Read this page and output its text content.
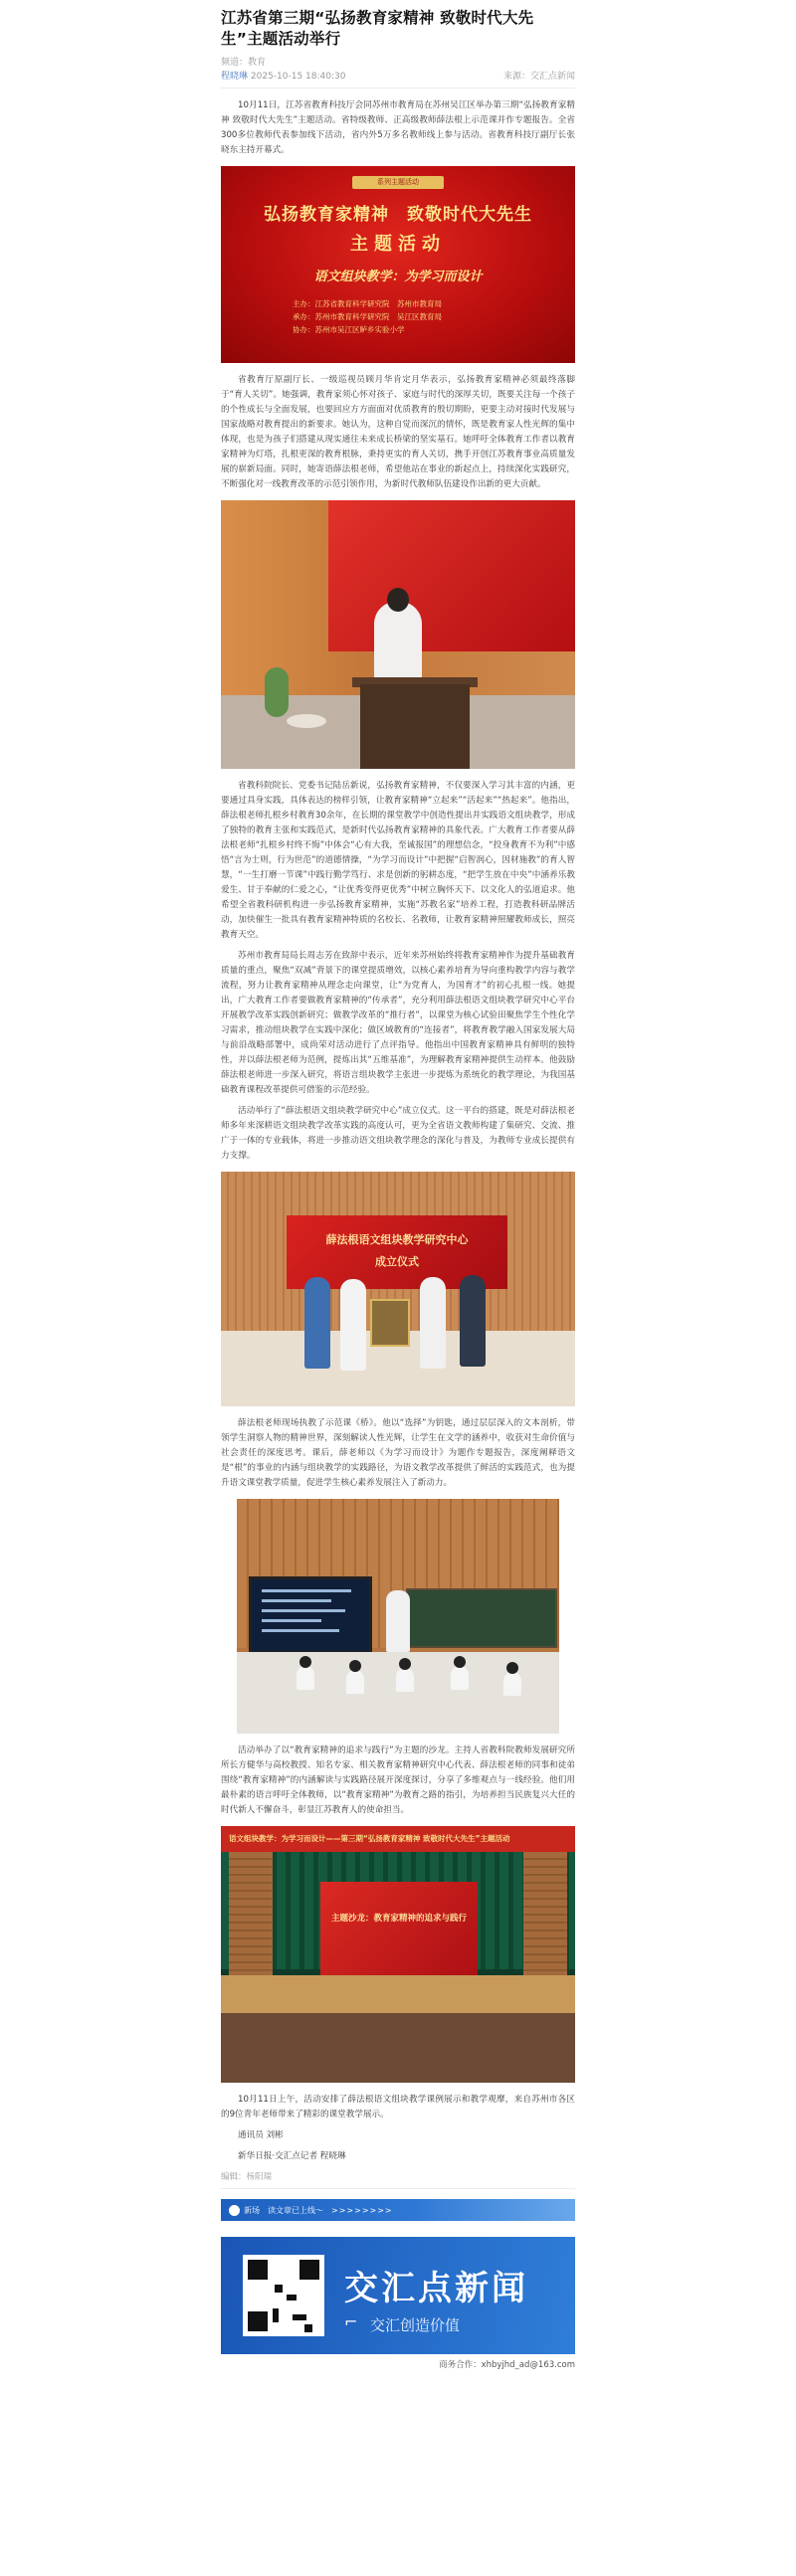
江苏省第三期“弘扬教育家精神 致敬时代大先生”主题活动举行
频道：教育
程晓琳 2025-10-15 18:40:30	来源：交汇点新闻

10月11日，江苏省教育科技厅会同苏州市教育局在苏州吴江区举办第三期“弘扬教育家精神 致敬时代大先生”主题活动。省特级教师、正高级教师薛法根上示范课并作专题报告。全省300多位教师代表参加线下活动，省内外5万多名教师线上参与活动。省教育科技厅副厅长张晓东主持开幕式。

系列主题活动
弘扬教育家精神　致敬时代大先生
主题活动
语文组块教学：为学习而设计
主办：江苏省教育科学研究院　苏州市教育局
承办：苏州市教育科学研究院　吴江区教育局
协办：苏州市吴江区鲈乡实验小学

省教育厅原副厅长、一级巡视员顾月华肯定月华表示，弘扬教育家精神必须最终落脚于“育人关切”。她强调，教育家须心怀对孩子、家庭与时代的深厚关切，既要关注每一个孩子的个性成长与全面发展，也要回应方方面面对优质教育的殷切期盼，更要主动对接时代发展与国家战略对教育提出的新要求。她认为，这种自觉而深沉的情怀，既是教育家人性光辉的集中体现，也是为孩子们搭建从现实通往未来成长桥梁的坚实基石。她呼吁全体教育工作者以教育家精神为灯塔，扎根更深的教育根脉，秉持更实的育人关切，携手开创江苏教育事业高质量发展的崭新局面。同时，她寄语薛法根老师，希望他站在事业的新起点上，持续深化实践研究，不断强化对一线教育改革的示范引领作用，为新时代教师队伍建设作出新的更大贡献。

省教科院院长、党委书记陆岳新说，弘扬教育家精神，不仅要深入学习其丰富的内涵，更要通过具身实践，具体表达的榜样引领，让教育家精神“立起来”“活起来”“热起来”。他指出，薛法根老师扎根乡村教育30余年，在长期的课堂教学中创造性提出并实践语文组块教学，形成了独特的教育主张和实践范式，是新时代弘扬教育家精神的具象代表。广大教育工作者要从薛法根老师“扎根乡村终不悔”中体会“心有大我，至诚报国”的理想信念，“投身教育不为利”中感悟“言为士则，行为世范”的道德情操，“为学习而设计”中把握“启智润心，因材施教”的育人智慧，“一生打磨一节课”中践行勤学笃行、求是创新的躬耕态度，“把学生放在中央”中涵养乐教爱生、甘于奉献的仁爱之心，“让优秀变得更优秀”中树立胸怀天下、以文化人的弘道追求。他希望全省教科研机构进一步弘扬教育家精神，实施“苏教名家”培养工程，打造教科研品牌活动，加快催生一批具有教育家精神特质的名校长、名教师，让教育家精神照耀教师成长，照亮教育天空。

苏州市教育局局长周志芳在致辞中表示，近年来苏州始终将教育家精神作为提升基础教育质量的重点，聚焦“双减”背景下的课堂提质增效，以核心素养培育为导向重构教学内容与教学流程，努力让教育家精神从理念走向课堂，让“为党育人，为国育才”的初心扎根一线。她提出，广大教育工作者要做教育家精神的“传承者”，充分利用薛法根语文组块教学研究中心平台开展教学改革实践创新研究；做教学改革的“推行者”，以课堂为核心试验田聚焦学生个性化学习需求，推动组块教学在实践中深化；做区域教育的“连接者”，将教育教学融入国家发展大局与前沿战略部署中，成尚荣对活动进行了点评指导。他指出中国教育家精神具有鲜明的独特性，并以薛法根老师为范例，提炼出其“五维基准”，为理解教育家精神提供生动样本。他鼓励薛法根老师进一步深入研究，将语言组块教学主张进一步提炼为系统化的教学理论，为我国基础教育课程改革提供可借鉴的示范经验。

活动举行了“薛法根语文组块教学研究中心”成立仪式。这一平台的搭建，既是对薛法根老师多年来深耕语文组块教学改革实践的高度认可，更为全省语文教师构建了集研究、交流、推广于一体的专业载体，将进一步推动语文组块教学理念的深化与普及，为教师专业成长提供有力支撑。

薛法根语文组块教学研究中心
成立仪式

薛法根老师现场执教了示范课《桥》。他以“选择”为钥匙，通过层层深入的文本剖析，带领学生洞察人物的精神世界，深刻解读人性光辉，让学生在文学的涵养中，收获对生命价值与社会责任的深度思考。课后，薛老师以《为学习而设计》为题作专题报告，深度阐释语文是“根”的事业的内涵与组块教学的实践路径，为语文教学改革提供了鲜活的实践范式，也为提升语文课堂教学质量，促进学生核心素养发展注入了新动力。

活动举办了以“教育家精神的追求与践行”为主题的沙龙。主持人省教科院教师发展研究所所长方健华与高校教授、知名专家、相关教育家精神研究中心代表、薛法根老师的同事和徒弟围绕“教育家精神”的内涵解读与实践路径展开深度探讨，分享了多维观点与一线经验。他们用最朴素的语言呼吁全体教师，以“教育家精神”为教育之路的指引，为培养担当民族复兴大任的时代新人不懈奋斗，彰显江苏教育人的使命担当。

语文组块教学：为学习而设计——第三期“弘扬教育家精神 致敬时代大先生”主题活动
主题沙龙：教育家精神的追求与践行

10月11日上午，活动安排了薛法根语文组块教学课例展示和教学观摩，来自苏州市各区的9位青年老师带来了精彩的课堂教学展示。

通讯员 刘彬

新华日报·交汇点记者 程晓琳

编辑：杨阳瑞
新场　读文章已上线～ >>>>>>>>
交汇点新闻
⌐ 交汇创造价值
商务合作：xhbyjhd_ad@163.com
